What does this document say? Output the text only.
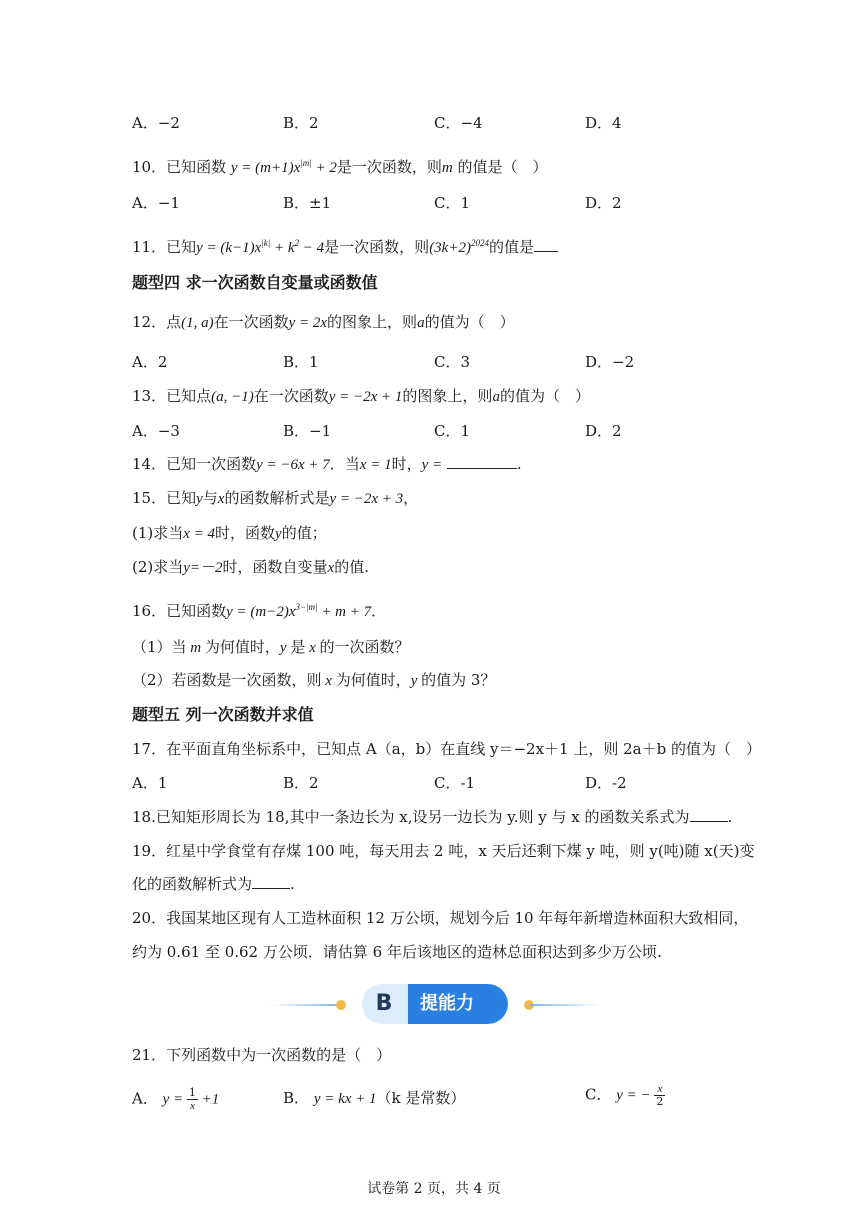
A．−2	B．2	C．−4	D．4
10．已知函数 $y = (m+1)x^{|m|} + 2$是一次函数，则m 的值是（　）
A．−1	B．±1	C．1	D．2
11．已知$y = (k-1)x^{|k|} + k^2 - 4$是一次函数，则$(3k+2)^{2024}$的值是
题型四 求一次函数自变量或函数值
12．点(1, a)在一次函数y = 2x的图象上，则a的值为（　）
A．2	B．1	C．3	D．−2
13．已知点(a, −1)在一次函数y = −2x + 1的图象上，则a的值为（　）
A．−3	B．−1	C．1	D．2
14．已知一次函数y = −6x + 7．当x = 1时，y =	.
15．已知y与x的函数解析式是y = −2x + 3，
(1)求当x = 4时，函数y的值；
(2)求当y=－2时，函数自变量x的值.
16．已知函数$y = (m-2)x^{3-|m|} + m + 7$．
（1）当 m 为何值时，y 是 x 的一次函数？
（2）若函数是一次函数，则 x 为何值时，y 的值为 3？
题型五 列一次函数并求值
17．在平面直角坐标系中，已知点 A（a，b）在直线 y＝−2x＋1 上，则 2a＋b 的值为（　）
A．1	B．2	C．-1	D．-2
18.已知矩形周长为 18,其中一条边长为 x,设另一边长为 y.则 y 与 x 的函数关系式为	.
19．红星中学食堂有存煤 100 吨，每天用去 2 吨，x 天后还剩下煤 y 吨，则 y(吨)随 x(天)变
化的函数解析式为	.
20．我国某地区现有人工造林面积 12 万公顷，规划今后 10 年每年新增造林面积大致相同，
约为 0.61 至 0.62 万公顷．请估算 6 年后该地区的造林总面积达到多少万公顷.
B	提能力
21．下列函数中为一次函数的是（　）
A． $y = \frac{1}{x} +1$	B． y = kx + 1（k 是常数）	C． y = − $\frac{x}{2}$
试卷第 2 页，共 4 页
